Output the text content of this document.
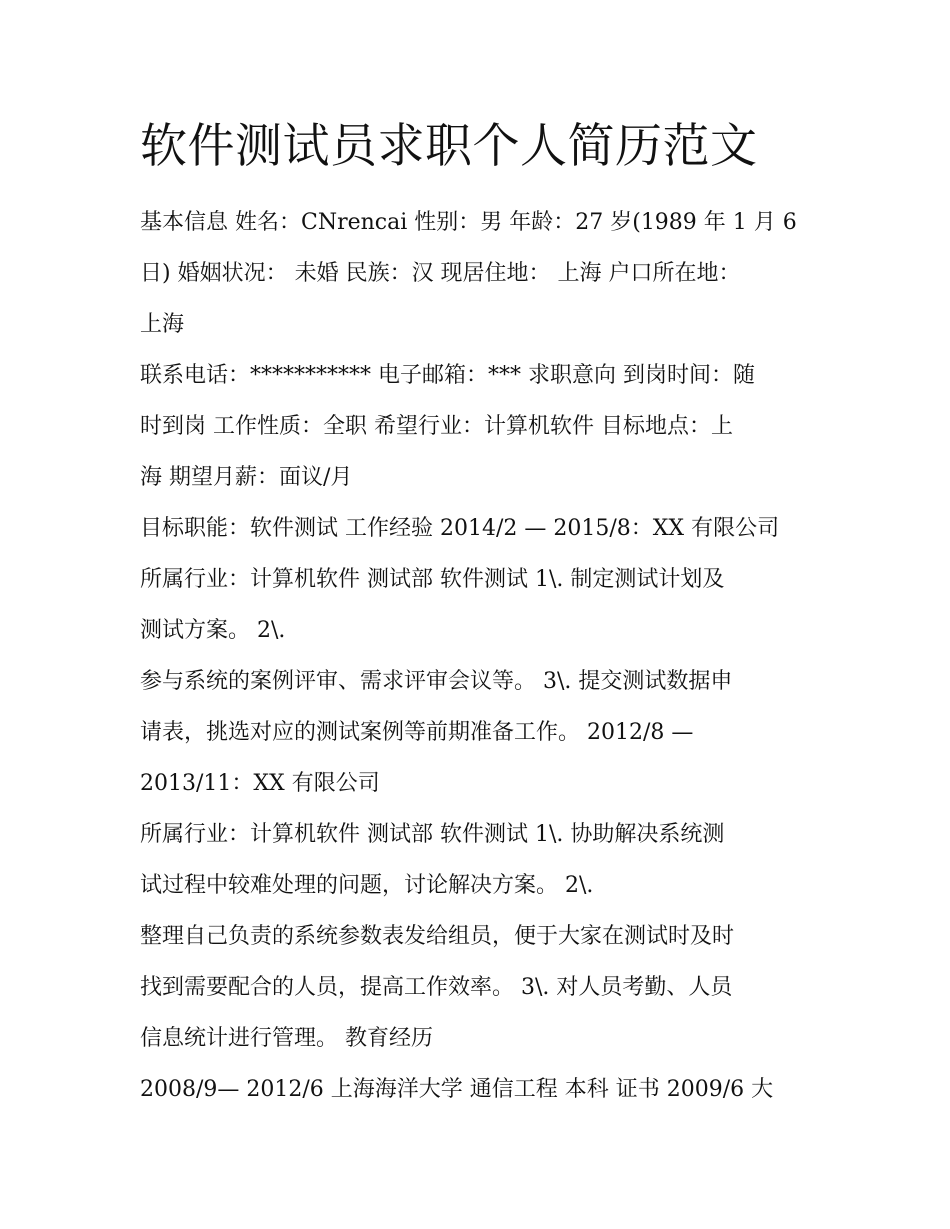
软件测试员求职个人简历范文

基本信息 姓名：CNrencai 性别：男 年龄：27 岁(1989 年 1 月 6

日) 婚姻状况： 未婚 民族：汉 现居住地： 上海 户口所在地：

上海

联系电话：*********** 电子邮箱：*** 求职意向 到岗时间：随

时到岗 工作性质：全职 希望行业：计算机软件 目标地点：上

海 期望月薪：面议/月

目标职能：软件测试 工作经验 2014/2 — 2015/8：XX 有限公司

所属行业：计算机软件 测试部 软件测试 1\. 制定测试计划及

测试方案。 2\.

参与系统的案例评审、需求评审会议等。 3\. 提交测试数据申

请表，挑选对应的测试案例等前期准备工作。 2012/8 —

2013/11：XX 有限公司

所属行业：计算机软件 测试部 软件测试 1\. 协助解决系统测

试过程中较难处理的问题，讨论解决方案。 2\.

整理自己负责的系统参数表发给组员，便于大家在测试时及时

找到需要配合的人员，提高工作效率。 3\. 对人员考勤、人员

信息统计进行管理。 教育经历

2008/9— 2012/6 上海海洋大学 通信工程 本科 证书 2009/6 大
